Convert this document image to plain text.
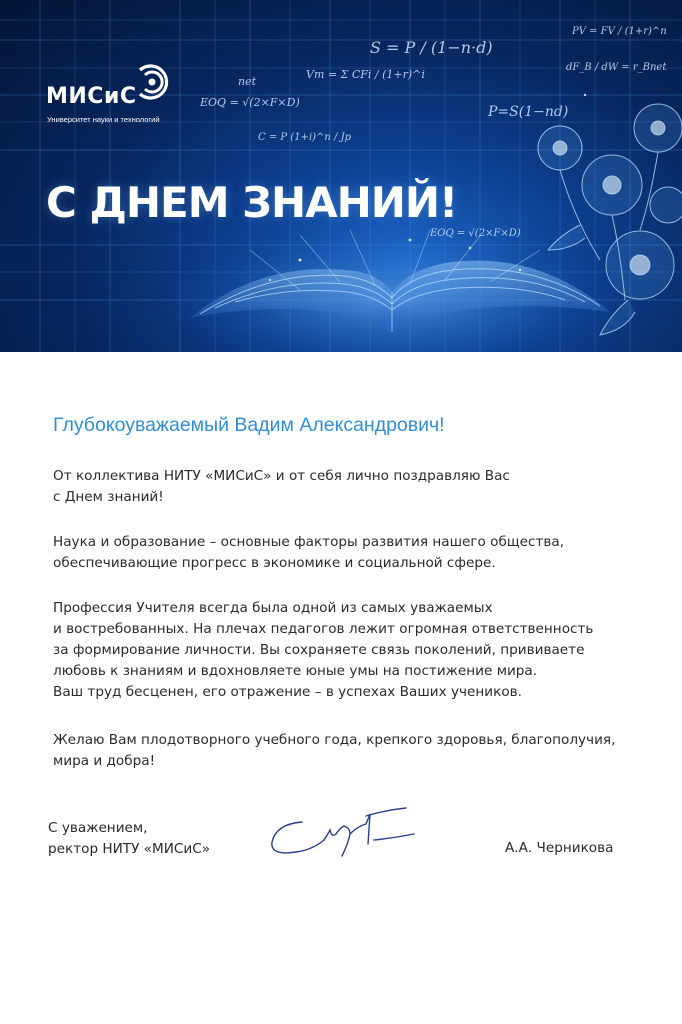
S = P / (1−n·d)
Vm = Σ CFi / (1+r)^i
net
EOQ = √(2×F×D)
C = P (1+i)^n / Jp
P=S(1−nd)
PV = FV / (1+r)^n
dF_B / dW = r_Bnet
EOQ = √(2×F×D)
МИСиС
Университет науки и технологий
С ДНЕМ ЗНАНИЙ!
Глубокоуважаемый Вадим Александрович!
От коллектива НИТУ «МИСиС» и от себя лично поздравляю Вас
с Днем знаний!
Наука и образование – основные факторы развития нашего общества,
обеспечивающие прогресс в экономике и социальной сфере.
Профессия Учителя всегда была одной из самых уважаемых
и востребованных. На плечах педагогов лежит огромная ответственность
за формирование личности. Вы сохраняете связь поколений, прививаете
любовь к знаниям и вдохновляете юные умы на постижение мира.
Ваш труд бесценен, его отражение – в успехах Ваших учеников.
Желаю Вам плодотворного учебного года, крепкого здоровья, благополучия,
мира и добра!
С уважением,
ректор НИТУ «МИСиС»	А.А. Черникова
